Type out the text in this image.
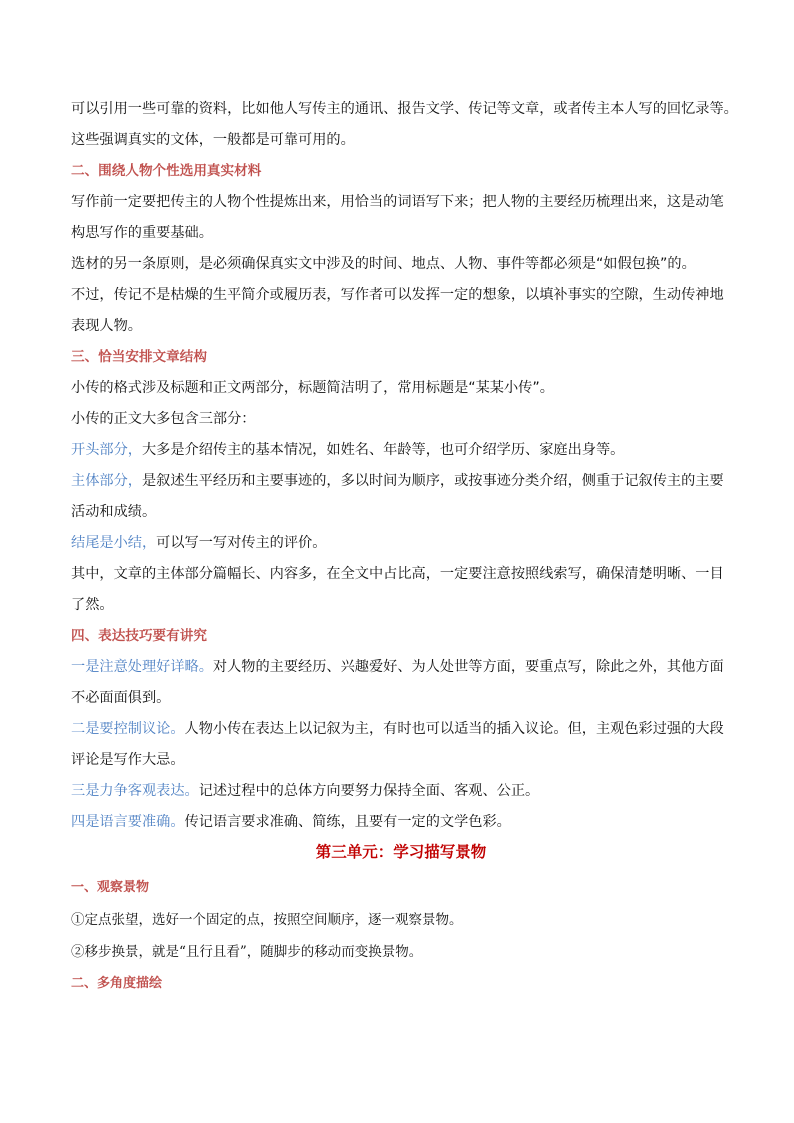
可以引用一些可靠的资料，比如他人写传主的通讯、报告文学、传记等文章，或者传主本人写的回忆录等。

这些强调真实的文体，一般都是可靠可用的。

二、围绕人物个性选用真实材料

写作前一定要把传主的人物个性提炼出来，用恰当的词语写下来；把人物的主要经历梳理出来，这是动笔

构思写作的重要基础。

选材的另一条原则，是必须确保真实文中涉及的时间、地点、人物、事件等都必须是“如假包换”的。

不过，传记不是枯燥的生平简介或履历表，写作者可以发挥一定的想象，以填补事实的空隙，生动传神地

表现人物。

三、恰当安排文章结构

小传的格式涉及标题和正文两部分，标题简洁明了，常用标题是“某某小传”。

小传的正文大多包含三部分：

开头部分，大多是介绍传主的基本情况，如姓名、年龄等，也可介绍学历、家庭出身等。

主体部分，是叙述生平经历和主要事迹的，多以时间为顺序，或按事迹分类介绍，侧重于记叙传主的主要

活动和成绩。

结尾是小结，可以写一写对传主的评价。

其中，文章的主体部分篇幅长、内容多，在全文中占比高，一定要注意按照线索写，确保清楚明晰、一目

了然。

四、表达技巧要有讲究

一是注意处理好详略。对人物的主要经历、兴趣爱好、为人处世等方面，要重点写，除此之外，其他方面

不必面面俱到。

二是要控制议论。人物小传在表达上以记叙为主，有时也可以适当的插入议论。但，主观色彩过强的大段

评论是写作大忌。

三是力争客观表达。记述过程中的总体方向要努力保持全面、客观、公正。

四是语言要准确。传记语言要求准确、简练，且要有一定的文学色彩。

第三单元：学习描写景物

一、观察景物

①定点张望，选好一个固定的点，按照空间顺序，逐一观察景物。

②移步换景，就是“且行且看”，随脚步的移动而变换景物。

二、多角度描绘
